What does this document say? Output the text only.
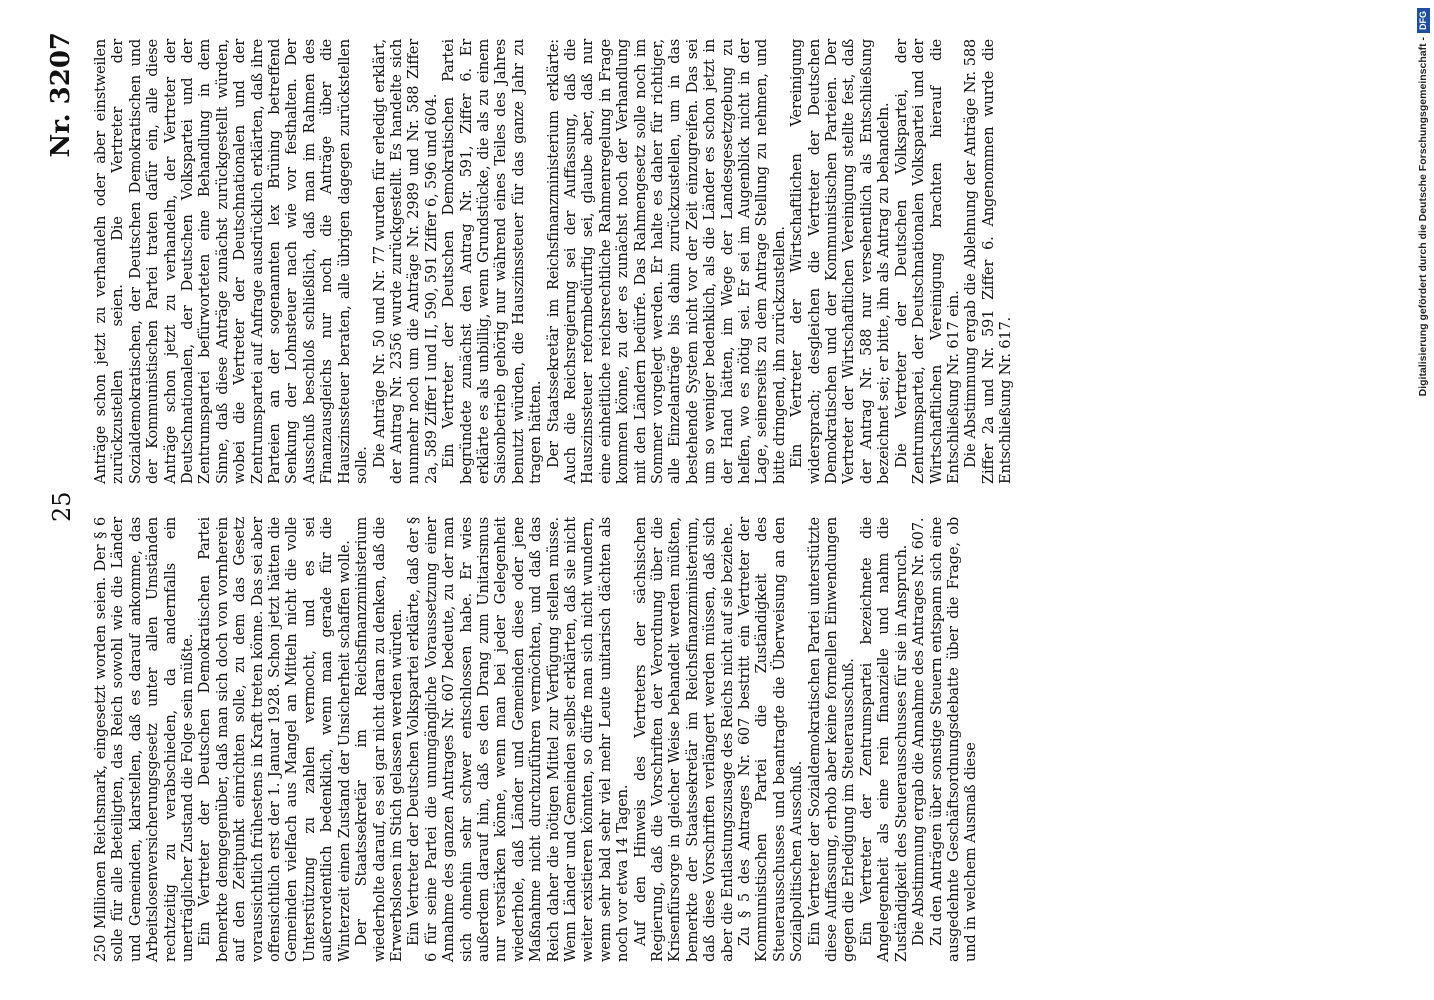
25
Nr. 3207

250 Millionen Reichsmark, eingesetzt worden seien. Der § 6 solle für alle Beteiligten, das Reich sowohl wie die Länder und Gemeinden, klarstellen, daß es darauf ankomme, das Arbeitslosenversicherungsgesetz unter allen Umständen rechtzeitig zu verabschieden, da andernfalls ein unerträglicher Zustand die Folge sein müßte. Ein Vertreter der Deutschen Demokratischen Partei bemerkte demgegenüber, daß man sich doch von vornherein auf den Zeitpunkt einrichten solle, zu dem das Gesetz voraussichtlich frühestens in Kraft treten könne. Das sei aber offensichtlich erst der 1. Januar 1928. Schon jetzt hätten die Gemeinden vielfach aus Mangel an Mitteln nicht die volle Unterstützung zu zahlen vermocht, und es sei außerordentlich bedenklich, wenn man gerade für die Winterzeit einen Zustand der Unsicherheit schaffen wolle. Der Staatssekretär im Reichsfinanzministerium wiederholte darauf, es sei gar nicht daran zu denken, daß die Erwerbslosen im Stich gelassen werden würden. Ein Vertreter der Deutschen Volkspartei erklärte, daß der § 6 für seine Partei die unumgängliche Voraussetzung einer Annahme des ganzen Antrages Nr. 607 bedeute, zu der man sich ohnehin sehr schwer entschlossen habe. Er wies außerdem darauf hin, daß es den Drang zum Unitarismus nur verstärken könne, wenn man bei jeder Gelegenheit wiederhole, daß Länder und Gemeinden diese oder jene Maßnahme nicht durchzuführen vermöchten, und daß das Reich daher die nötigen Mittel zur Verfügung stellen müsse. Wenn Länder und Gemeinden selbst erklärten, daß sie nicht weiter existieren könnten, so dürfe man sich nicht wundern, wenn sehr bald sehr viel mehr Leute unitarisch dächten als noch vor etwa 14 Tagen. Auf den Hinweis des Vertreters der sächsischen Regierung, daß die Vorschriften der Verordnung über die Krisenfürsorge in gleicher Weise behandelt werden müßten, bemerkte der Staatssekretär im Reichsfinanzministerium, daß diese Vorschriften verlängert werden müssen, daß sich aber die Entlastungszusage des Reichs nicht auf sie beziehe. Zu § 5 des Antrages Nr. 607 bestritt ein Vertreter der Kommunistischen Partei die Zuständigkeit des Steuerausschusses und beantragte die Überweisung an den Sozialpolitischen Ausschuß. Ein Vertreter der Sozialdemokratischen Partei unterstützte diese Auffassung, erhob aber keine formellen Einwendungen gegen die Erledigung im Steuerausschuß. Ein Vertreter der Zentrumspartei bezeichnete die Angelegenheit als eine rein finanzielle und nahm die Zuständigkeit des Steuerausschusses für sie in Anspruch. Die Abstimmung ergab die Annahme des Antrages Nr. 607. Zu den Anträgen über sonstige Steuern entspann sich eine ausgedehnte Geschäftsordnungsdebatte über die Frage, ob und in welchem Ausmaß diese

Anträge schon jetzt zu verhandeln oder aber einstweilen zurückzustellen seien. Die Vertreter der Sozialdemokratischen, der Deutschen Demokratischen und der Kommunistischen Partei traten dafür ein, alle diese Anträge schon jetzt zu verhandeln, der Vertreter der Deutschnationalen, der Deutschen Volkspartei und der Zentrumspartei befürworteten eine Behandlung in dem Sinne, daß diese Anträge zunächst zurückgestellt würden, wobei die Vertreter der Deutschnationalen und der Zentrumspartei auf Anfrage ausdrücklich erklärten, daß ihre Parteien an der sogenannten lex Brüning betreffend Senkung der Lohnsteuer nach wie vor festhalten. Der Ausschuß beschloß schließlich, daß man im Rahmen des Finanzausgleichs nur noch die Anträge über die Hauszinssteuer beraten, alle übrigen dagegen zurückstellen solle. Die Anträge Nr. 50 und Nr. 77 wurden für erledigt erklärt, der Antrag Nr. 2356 wurde zurückgestellt. Es handelte sich nunmehr noch um die Anträge Nr. 2989 und Nr. 588 Ziffer 2a, 589 Ziffer I und II, 590, 591 Ziffer 6, 596 und 604. Ein Vertreter der Deutschen Demokratischen Partei begründete zunächst den Antrag Nr. 591, Ziffer 6. Er erklärte es als unbillig, wenn Grundstücke, die als zu einem Saisonbetrieb gehörig nur während eines Teiles des Jahres benutzt würden, die Hauszinssteuer für das ganze Jahr zu tragen hätten. Der Staatssekretär im Reichsfinanzministerium erklärte: Auch die Reichsregierung sei der Auffassung, daß die Hauszinssteuer reformbedürftig sei, glaube aber, daß nur eine einheitliche reichsrechtliche Rahmenregelung in Frage kommen könne, zu der es zunächst noch der Verhandlung mit den Ländern bedürfe. Das Rahmengesetz solle noch im Sommer vorgelegt werden. Er halte es daher für richtiger, alle Einzelanträge bis dahin zurückzustellen, um in das bestehende System nicht vor der Zeit einzugreifen. Das sei um so weniger bedenklich, als die Länder es schon jetzt in der Hand hätten, im Wege der Landesgesetzgebung zu helfen, wo es nötig sei. Er sei im Augenblick nicht in der Lage, seinerseits zu dem Antrage Stellung zu nehmen, und bitte dringend, ihn zurückzustellen. Ein Vertreter der Wirtschaftlichen Vereinigung widersprach; desgleichen die Vertreter der Deutschen Demokratischen und der Kommunistischen Parteien. Der Vertreter der Wirtschaftlichen Vereinigung stellte fest, daß der Antrag Nr. 588 nur versehentlich als Entschließung bezeichnet sei; er bitte, ihn als Antrag zu behandeln. Die Vertreter der Deutschen Volkspartei, der Zentrumspartei, der Deutschnationalen Volkspartei und der Wirtschaftlichen Vereinigung brachten hierauf die Entschließung Nr. 617 ein. Die Abstimmung ergab die Ablehnung der Anträge Nr. 588 Ziffer 2a und Nr. 591 Ziffer 6. Angenommen wurde die Entschließung Nr. 617.

Digitalisierung gefördert durch die Deutsche Forschungsgemeinschaft -DFG
